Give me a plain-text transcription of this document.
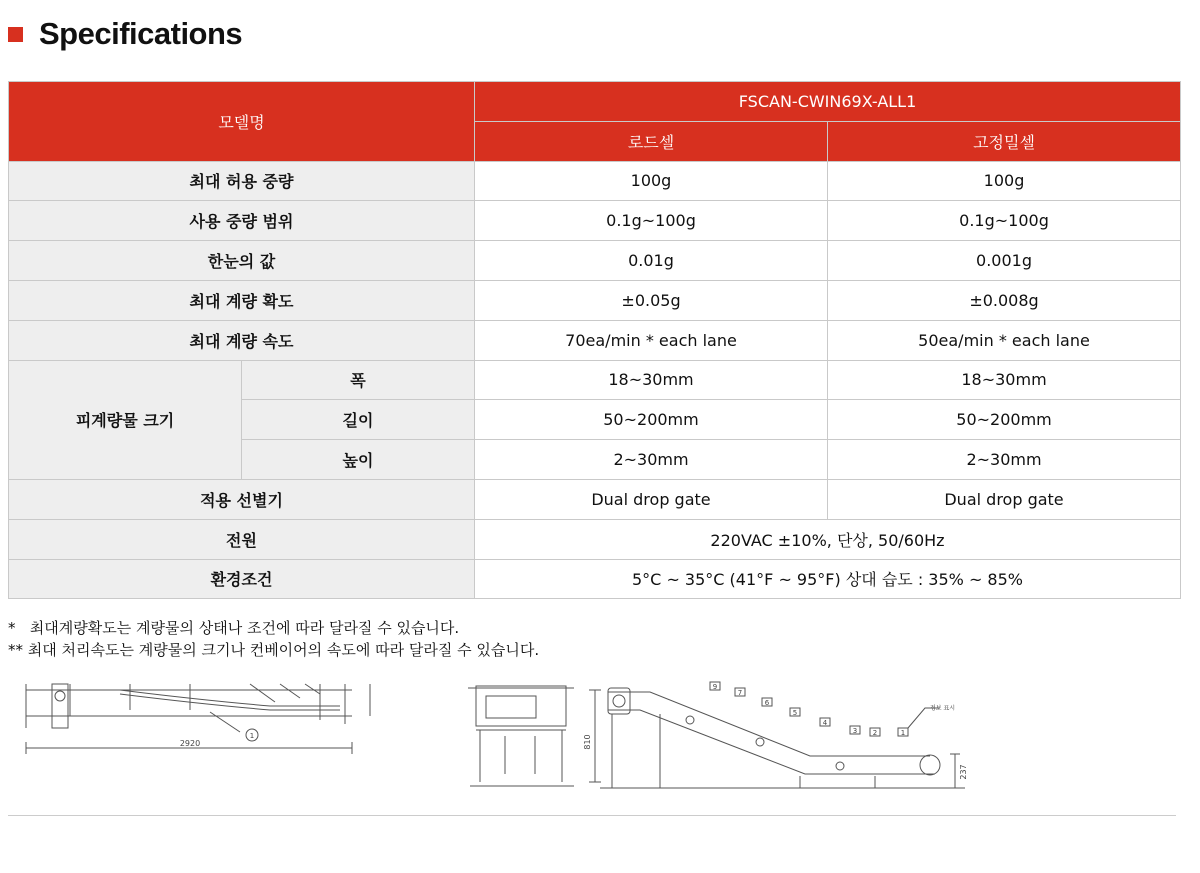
Specifications
모델명		FSCAN-CWIN69X-ALL1	
		로드셀	고정밀셀
최대 허용 중량		100g	100g
사용 중량 범위		0.1g~100g	0.1g~100g
한눈의 값		0.01g	0.001g
최대 계량 확도		±0.05g	±0.008g
최대 계량 속도		70ea/min * each lane	50ea/min * each lane
피계량물 크기	폭	18~30mm	18~30mm
	길이	50~200mm	50~200mm
	높이	2~30mm	2~30mm
적용 선별기		Dual drop gate	Dual drop gate
전원		220VAC ±10%, 단상, 50/60Hz	
환경조건		5°C ~ 35°C (41°F ~ 95°F) 상대 습도 : 35% ~ 85%	
*   최대계량확도는 계량물의 상태나 조건에 따라 달라질 수 있습니다.
** 최대 처리속도는 계량물의 크기나 컨베이어의 속도에 따라 달라질 수 있습니다.
2920
1	810
237
정보 표시
9
7
6
5
4
3 2	1
